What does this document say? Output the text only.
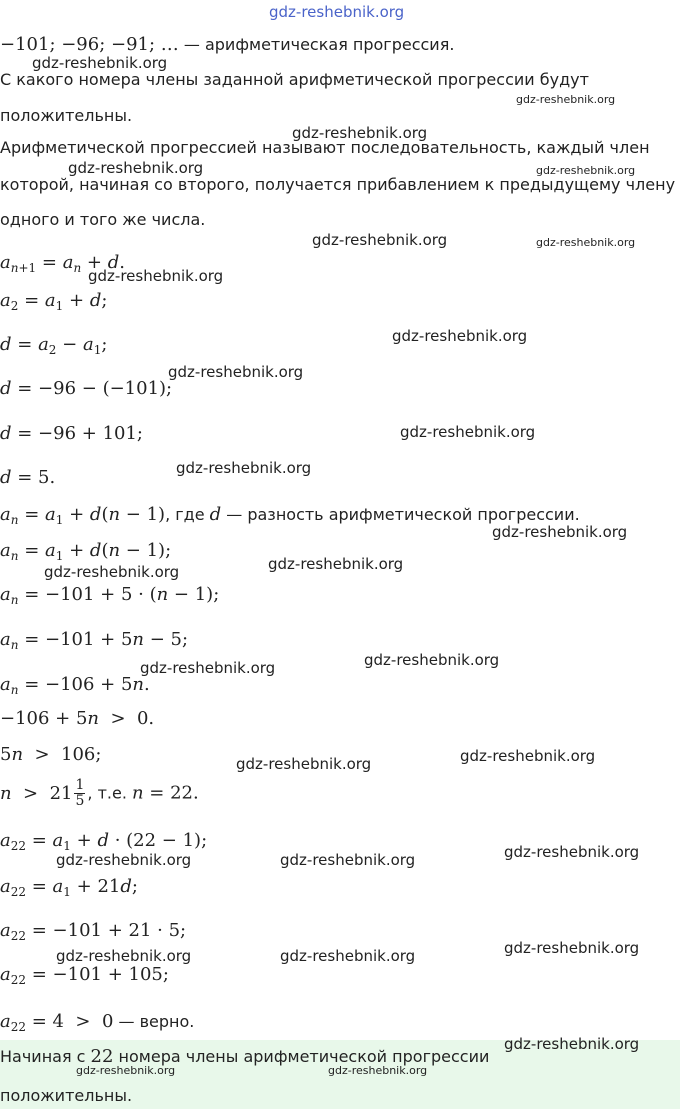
gdz-reshebnik.org
−101; −96; −91; … — арифметическая прогрессия.
С какого номера члены заданной арифметической прогрессии будут
положительны.
Арифметической прогрессией называют последовательность, каждый член
которой, начиная со второго, получается прибавлением к предыдущему члену
одного и того же числа.
$a_{n+1} = a_n + d$.
$a_2 = a_1 + d$;
$d = a_2 - a_1$;
d = −96 − (−101);
d = −96 + 101;
d = 5.
$a_n = a_1 + d(n - 1)$, где d — разность арифметической прогрессии.
$a_n = a_1 + d(n - 1)$;
$a_n = -101 + 5 \cdot (n - 1)$;
$a_n = -101 + 5n - 5$;
$a_n = -106 + 5n$.
−106 + 5n  >  0.
5n  >  106;
$n > 21 \frac{1}{5}$ , т.е. n = 22.
$a_{22} = a_1 + d \cdot (22 - 1)$;
$a_{22} = a_1 + 21d$;
$a_{22} = -101 + 21 \cdot 5$;
$a_{22} = -101 + 105$;
$a_{22} = 4 > 0$ — верно.
Начиная с 22 номера члены арифметической прогрессии
положительны.
gdz-reshebnik.org
gdz-reshebnik.org
gdz-reshebnik.org
gdz-reshebnik.org	gdz-reshebnik.org
gdz-reshebnik.org	gdz-reshebnik.org
gdz-reshebnik.org
gdz-reshebnik.org
gdz-reshebnik.org
gdz-reshebnik.org
gdz-reshebnik.org
gdz-reshebnik.org
gdz-reshebnik.org
gdz-reshebnik.org
gdz-reshebnik.org
gdz-reshebnik.org
gdz-reshebnik.org
gdz-reshebnik.org
gdz-reshebnik.org
gdz-reshebnik.org
gdz-reshebnik.org
gdz-reshebnik.org
gdz-reshebnik.org
gdz-reshebnik.org
gdz-reshebnik.org
gdz-reshebnik.org	gdz-reshebnik.org
